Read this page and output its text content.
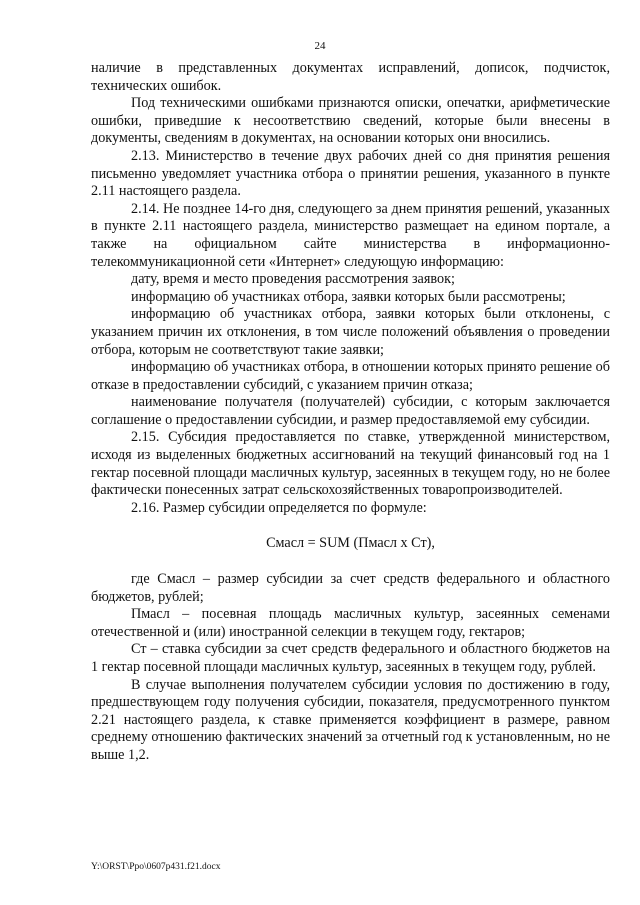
24

наличие в представленных документах исправлений, дописок, подчисток, технических ошибок.

Под техническими ошибками признаются описки, опечатки, арифметические ошибки, приведшие к несоответствию сведений, которые были внесены в документы, сведениям в документах, на основании которых они вносились.

2.13. Министерство в течение двух рабочих дней со дня принятия решения письменно уведомляет участника отбора о принятии решения, указанного в пункте 2.11 настоящего раздела.

2.14. Не позднее 14-го дня, следующего за днем принятия решений, указанных в пункте 2.11 настоящего раздела, министерство размещает на едином портале, а также на официальном сайте министерства в информационно-телекоммуникационной сети «Интернет» следующую информацию:

дату, время и место проведения рассмотрения заявок;

информацию об участниках отбора, заявки которых были рассмотрены;

информацию об участниках отбора, заявки которых были отклонены, с указанием причин их отклонения, в том числе положений объявления о проведении отбора, которым не соответствуют такие заявки;

информацию об участниках отбора, в отношении которых принято решение об отказе в предоставлении субсидий, с указанием причин отказа;

наименование получателя (получателей) субсидии, с которым заключается соглашение о предоставлении субсидии, и размер предоставляемой ему субсидии.

2.15. Субсидия предоставляется по ставке, утвержденной министерством, исходя из выделенных бюджетных ассигнований на текущий финансовый год на 1 гектар посевной площади масличных культур, засеянных в текущем году, но не более фактически понесенных затрат сельскохозяйственных товаропроизводителей.

2.16. Размер субсидии определяется по формуле:

Смасл = SUM (Пмасл x Ст),

где Смасл – размер субсидии за счет средств федерального и областного бюджетов, рублей;

Пмасл – посевная площадь масличных культур, засеянных семенами отечественной и (или) иностранной селекции в текущем году, гектаров;

Ст – ставка субсидии за счет средств федерального и областного бюджетов на 1 гектар посевной площади масличных культур, засеянных в текущем году, рублей.

В случае выполнения получателем субсидии условия по достижению в году, предшествующем году получения субсидии, показателя, предусмотренного пунктом 2.21 настоящего раздела, к ставке применяется коэффициент в размере, равном среднему отношению фактических значений за отчетный год к установленным, но не выше 1,2.

Y:\ORST\Ppo\0607p431.f21.docx
